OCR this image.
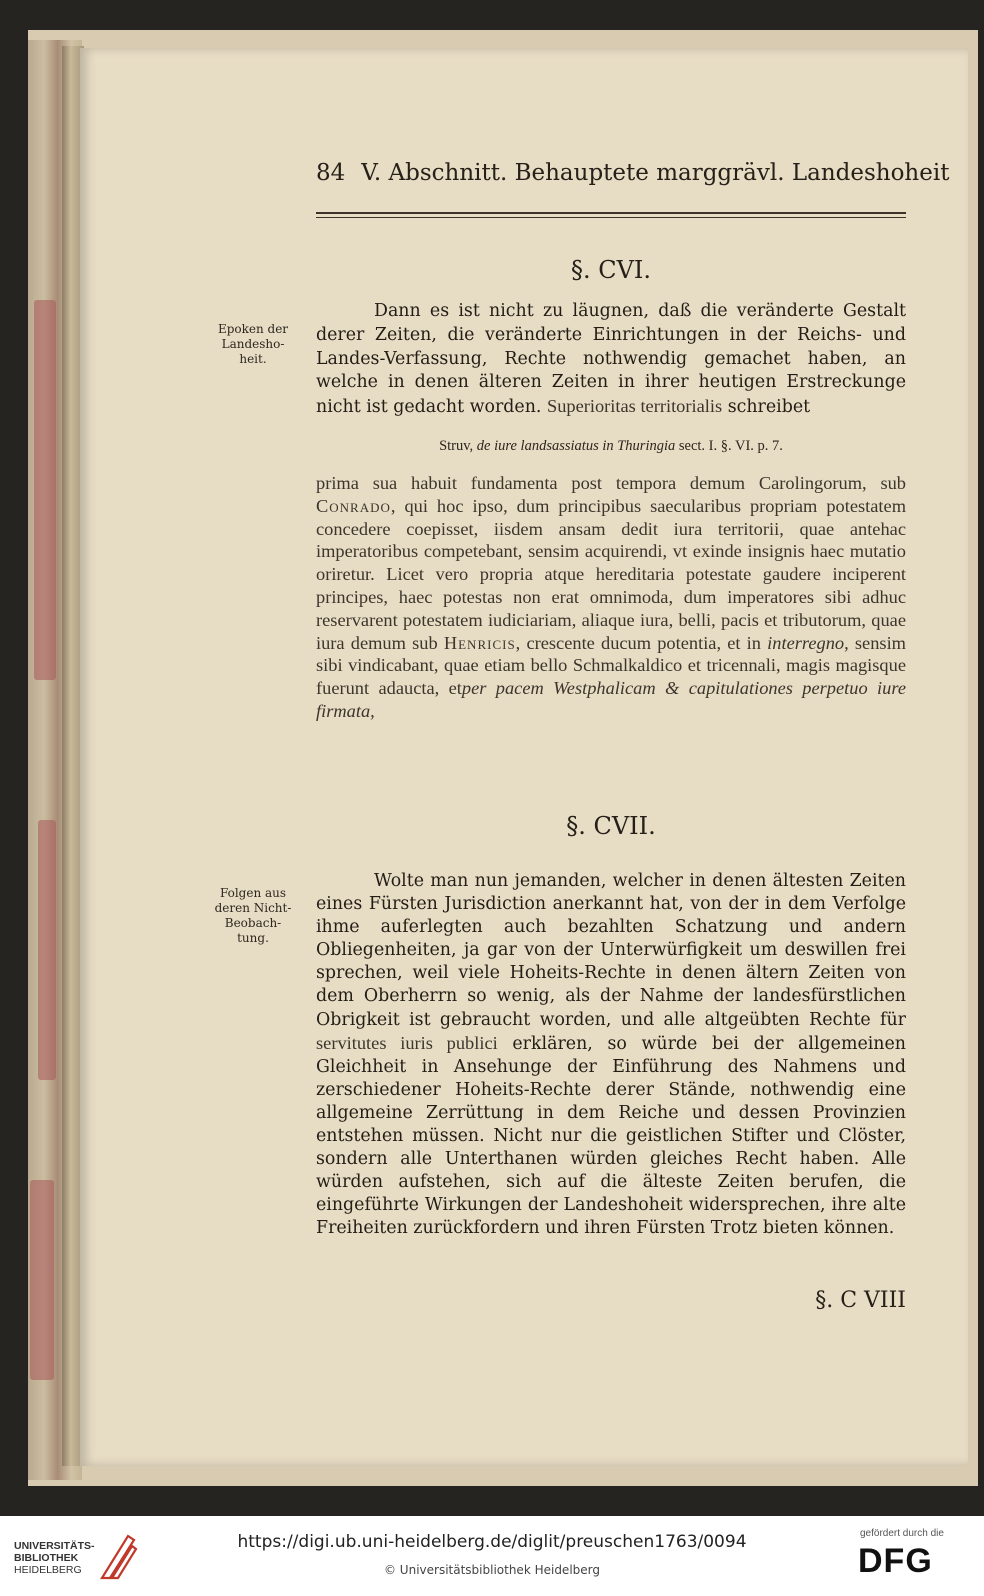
84 V. Abschnitt. Behauptete marggrävl. Landeshoheit
§. CVI.
Epoken der Landesho-heit.

Dann es ist nicht zu läugnen, daß die veränderte Gestalt derer Zeiten, die veränderte Einrichtungen in der Reichs- und Landes-Verfassung, Rechte nothwendig gemachet haben, an welche in denen älteren Zeiten in ihrer heutigen Erstreckunge nicht ist gedacht worden. Superioritas territorialis schreibet

Struv, de iure landsassiatus in Thuringia sect. I. §. VI. p. 7.

prima sua habuit fundamenta post tempora demum Carolingorum, sub Conrado, qui hoc ipso, dum principibus saecularibus propriam potestatem concedere coepisset, iisdem ansam dedit iura territorii, quae antehac imperatoribus competebant, sensim acquirendi, vt exinde insignis haec mutatio oriretur. Licet vero propria atque hereditaria potestate gaudere inciperent principes, haec potestas non erat omnimoda, dum imperatores sibi adhuc reservarent potestatem iudiciariam, aliaque iura, belli, pacis et tributorum, quae iura demum sub Henricis, crescente ducum potentia, et in interregno, sensim sibi vindicabant, quae etiam bello Schmalkaldico et tricennali, magis magisque fuerunt adaucta, etper pacem Westphalicam & capitulationes perpetuo iure firmata,

§. CVII.
Folgen aus deren Nicht-Beobach-tung.

Wolte man nun jemanden, welcher in denen ältesten Zeiten eines Fürsten Jurisdiction anerkannt hat, von der in dem Verfolge ihme auferlegten auch bezahlten Schatzung und andern Obliegenheiten, ja gar von der Unterwürfigkeit um deswillen frei sprechen, weil viele Hoheits-Rechte in denen ältern Zeiten von dem Oberherrn so wenig, als der Nahme der landesfürstlichen Obrigkeit ist gebraucht worden, und alle altgeübten Rechte für servitutes iuris publici erklären, so würde bei der allgemeinen Gleichheit in Ansehunge der Einführung des Nahmens und zerschiedener Hoheits-Rechte derer Stände, nothwendig eine allgemeine Zerrüttung in dem Reiche und dessen Provinzien entstehen müssen. Nicht nur die geistlichen Stifter und Clöster, sondern alle Unterthanen würden gleiches Recht haben. Alle würden aufstehen, sich auf die älteste Zeiten berufen, die eingeführte Wirkungen der Landeshoheit widersprechen, ihre alte Freiheiten zurückfordern und ihren Fürsten Trotz bieten können.

§. C VIII
UNIVERSITÄTS-
BIBLIOTHEK
HEIDELBERG
https://digi.ub.uni-heidelberg.de/diglit/preuschen1763/0094
© Universitätsbibliothek Heidelberg
gefördert durch die
DFG
